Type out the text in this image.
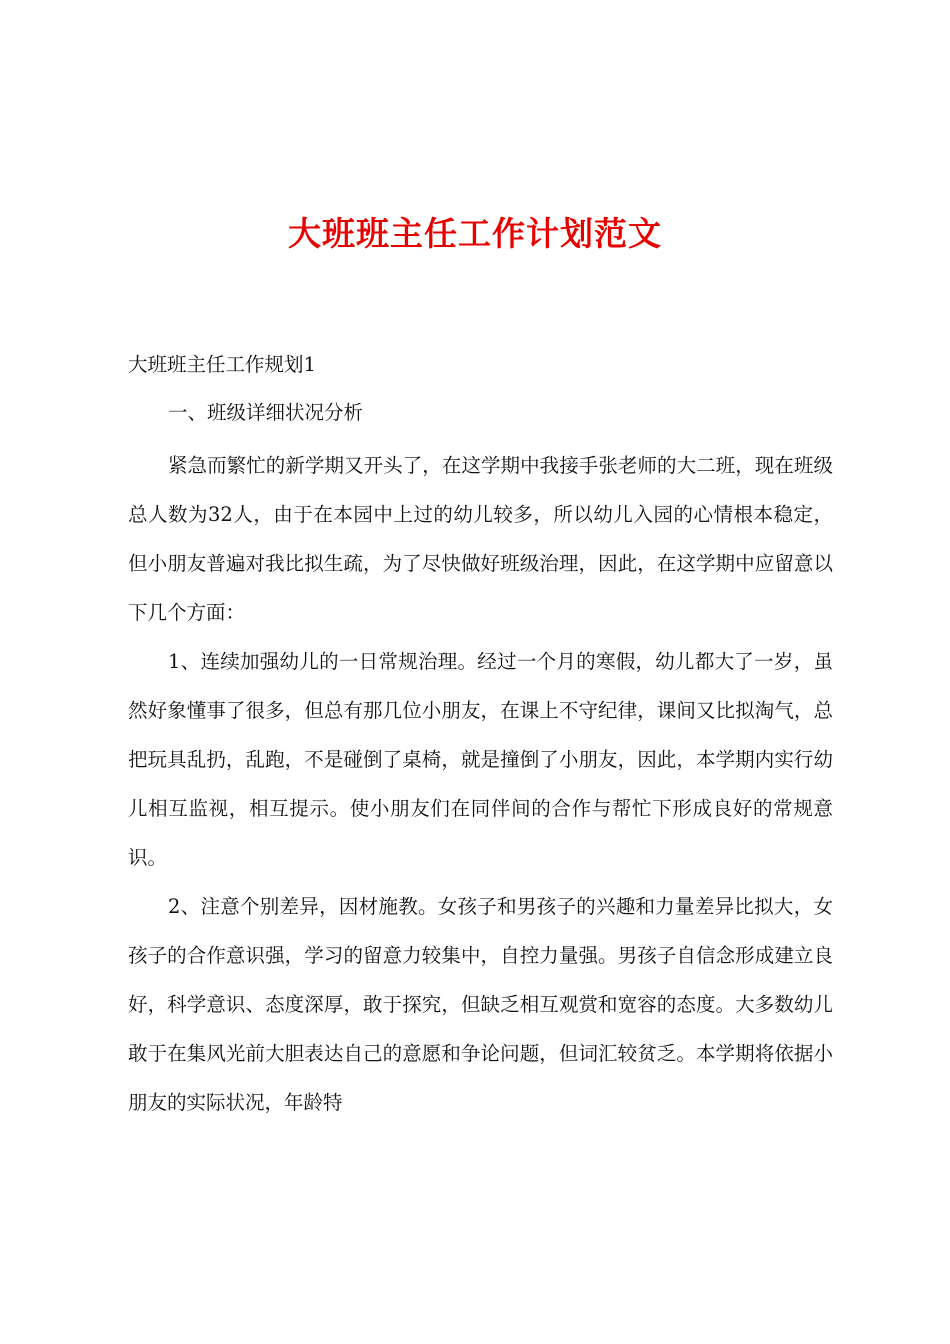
大班班主任工作计划范文
大班班主任工作规划1
一、班级详细状况分析

紧急而繁忙的新学期又开头了，在这学期中我接手张老师的大二班，现在班级总人数为32人，由于在本园中上过的幼儿较多，所以幼儿入园的心情根本稳定，但小朋友普遍对我比拟生疏，为了尽快做好班级治理，因此，在这学期中应留意以下几个方面：

1、连续加强幼儿的一日常规治理。经过一个月的寒假，幼儿都大了一岁，虽然好象懂事了很多，但总有那几位小朋友，在课上不守纪律，课间又比拟淘气，总把玩具乱扔，乱跑，不是碰倒了桌椅，就是撞倒了小朋友，因此，本学期内实行幼儿相互监视，相互提示。使小朋友们在同伴间的合作与帮忙下形成良好的常规意识。

2、注意个别差异，因材施教。女孩子和男孩子的兴趣和力量差异比拟大，女孩子的合作意识强，学习的留意力较集中，自控力量强。男孩子自信念形成建立良好，科学意识、态度深厚，敢于探究，但缺乏相互观赏和宽容的态度。大多数幼儿敢于在集风光前大胆表达自己的意愿和争论问题，但词汇较贫乏。本学期将依据小朋友的实际状况，年龄特
